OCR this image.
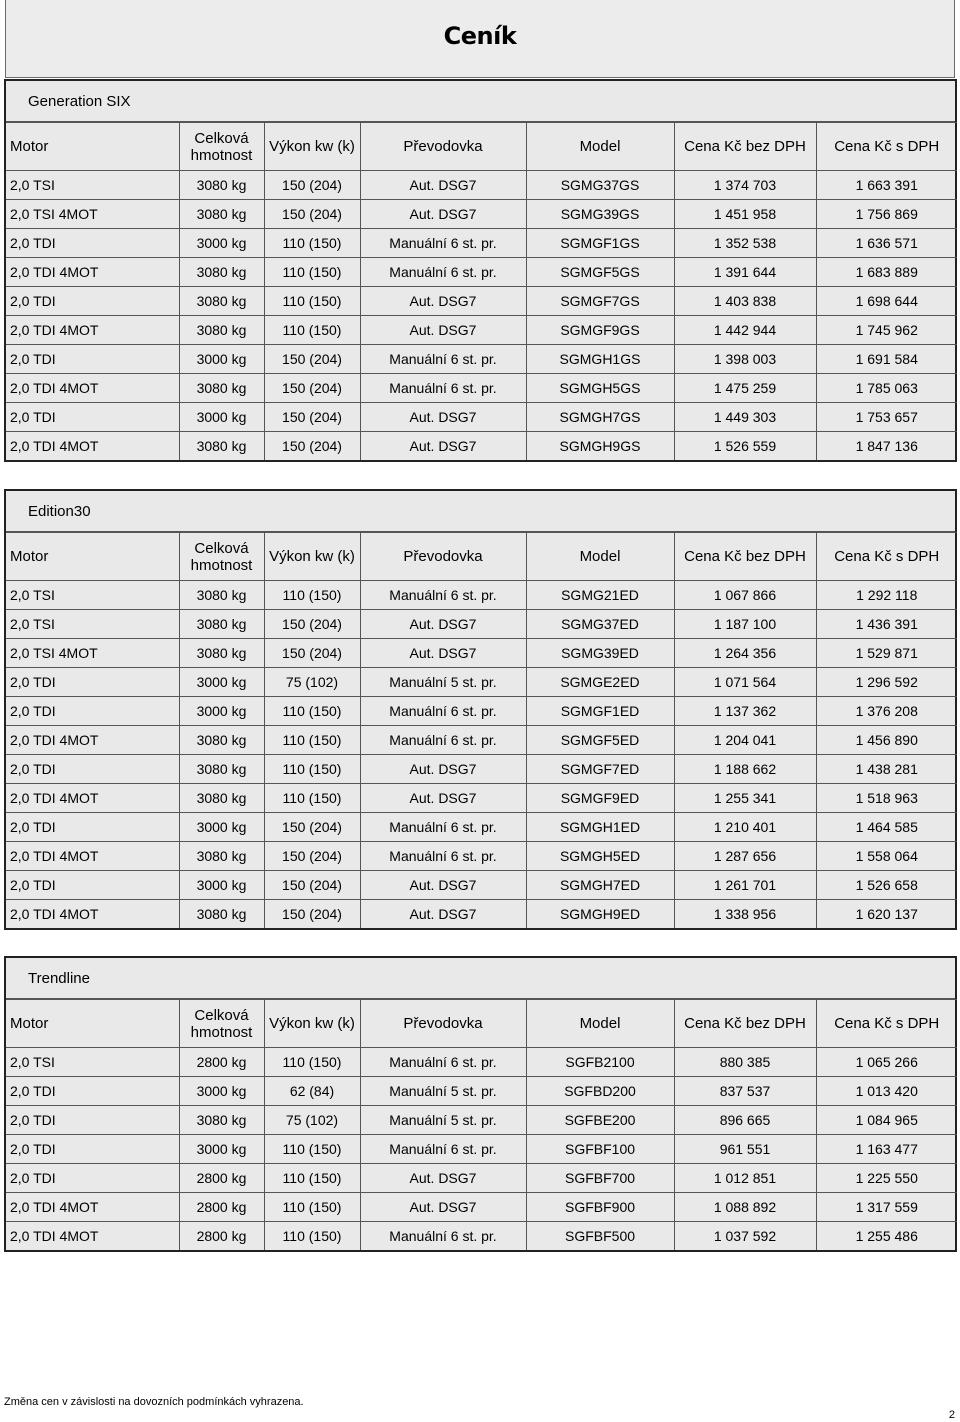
Ceník
Generation SIX
Motor	Celková hmotnost	Výkon kw (k)	Převodovka	Model	Cena Kč bez DPH	Cena Kč s DPH
2,0 TSI	3080 kg	150 (204)	Aut. DSG7	SGMG37GS	1 374 703	1 663 391
2,0 TSI 4MOT	3080 kg	150 (204)	Aut. DSG7	SGMG39GS	1 451 958	1 756 869
2,0 TDI	3000 kg	110 (150)	Manuální 6 st. pr.	SGMGF1GS	1 352 538	1 636 571
2,0 TDI 4MOT	3080 kg	110 (150)	Manuální 6 st. pr.	SGMGF5GS	1 391 644	1 683 889
2,0 TDI	3080 kg	110 (150)	Aut. DSG7	SGMGF7GS	1 403 838	1 698 644
2,0 TDI 4MOT	3080 kg	110 (150)	Aut. DSG7	SGMGF9GS	1 442 944	1 745 962
2,0 TDI	3000 kg	150 (204)	Manuální 6 st. pr.	SGMGH1GS	1 398 003	1 691 584
2,0 TDI 4MOT	3080 kg	150 (204)	Manuální 6 st. pr.	SGMGH5GS	1 475 259	1 785 063
2,0 TDI	3000 kg	150 (204)	Aut. DSG7	SGMGH7GS	1 449 303	1 753 657
2,0 TDI 4MOT	3080 kg	150 (204)	Aut. DSG7	SGMGH9GS	1 526 559	1 847 136
Edition30
Motor	Celková hmotnost	Výkon kw (k)	Převodovka	Model	Cena Kč bez DPH	Cena Kč s DPH
2,0 TSI	3080 kg	110 (150)	Manuální 6 st. pr.	SGMG21ED	1 067 866	1 292 118
2,0 TSI	3080 kg	150 (204)	Aut. DSG7	SGMG37ED	1 187 100	1 436 391
2,0 TSI 4MOT	3080 kg	150 (204)	Aut. DSG7	SGMG39ED	1 264 356	1 529 871
2,0 TDI	3000 kg	75 (102)	Manuální 5 st. pr.	SGMGE2ED	1 071 564	1 296 592
2,0 TDI	3000 kg	110 (150)	Manuální 6 st. pr.	SGMGF1ED	1 137 362	1 376 208
2,0 TDI 4MOT	3080 kg	110 (150)	Manuální 6 st. pr.	SGMGF5ED	1 204 041	1 456 890
2,0 TDI	3080 kg	110 (150)	Aut. DSG7	SGMGF7ED	1 188 662	1 438 281
2,0 TDI 4MOT	3080 kg	110 (150)	Aut. DSG7	SGMGF9ED	1 255 341	1 518 963
2,0 TDI	3000 kg	150 (204)	Manuální 6 st. pr.	SGMGH1ED	1 210 401	1 464 585
2,0 TDI 4MOT	3080 kg	150 (204)	Manuální 6 st. pr.	SGMGH5ED	1 287 656	1 558 064
2,0 TDI	3000 kg	150 (204)	Aut. DSG7	SGMGH7ED	1 261 701	1 526 658
2,0 TDI 4MOT	3080 kg	150 (204)	Aut. DSG7	SGMGH9ED	1 338 956	1 620 137
Trendline
Motor	Celková hmotnost	Výkon kw (k)	Převodovka	Model	Cena Kč bez DPH	Cena Kč s DPH
2,0 TSI	2800 kg	110 (150)	Manuální 6 st. pr.	SGFB2100	880 385	1 065 266
2,0 TDI	3000 kg	62 (84)	Manuální 5 st. pr.	SGFBD200	837 537	1 013 420
2,0 TDI	3080 kg	75 (102)	Manuální 5 st. pr.	SGFBE200	896 665	1 084 965
2,0 TDI	3000 kg	110 (150)	Manuální 6 st. pr.	SGFBF100	961 551	1 163 477
2,0 TDI	2800 kg	110 (150)	Aut. DSG7	SGFBF700	1 012 851	1 225 550
2,0 TDI 4MOT	2800 kg	110 (150)	Aut. DSG7	SGFBF900	1 088 892	1 317 559
2,0 TDI 4MOT	2800 kg	110 (150)	Manuální 6 st. pr.	SGFBF500	1 037 592	1 255 486
Změna cen v závislosti na dovozních podmínkách vyhrazena.
2
